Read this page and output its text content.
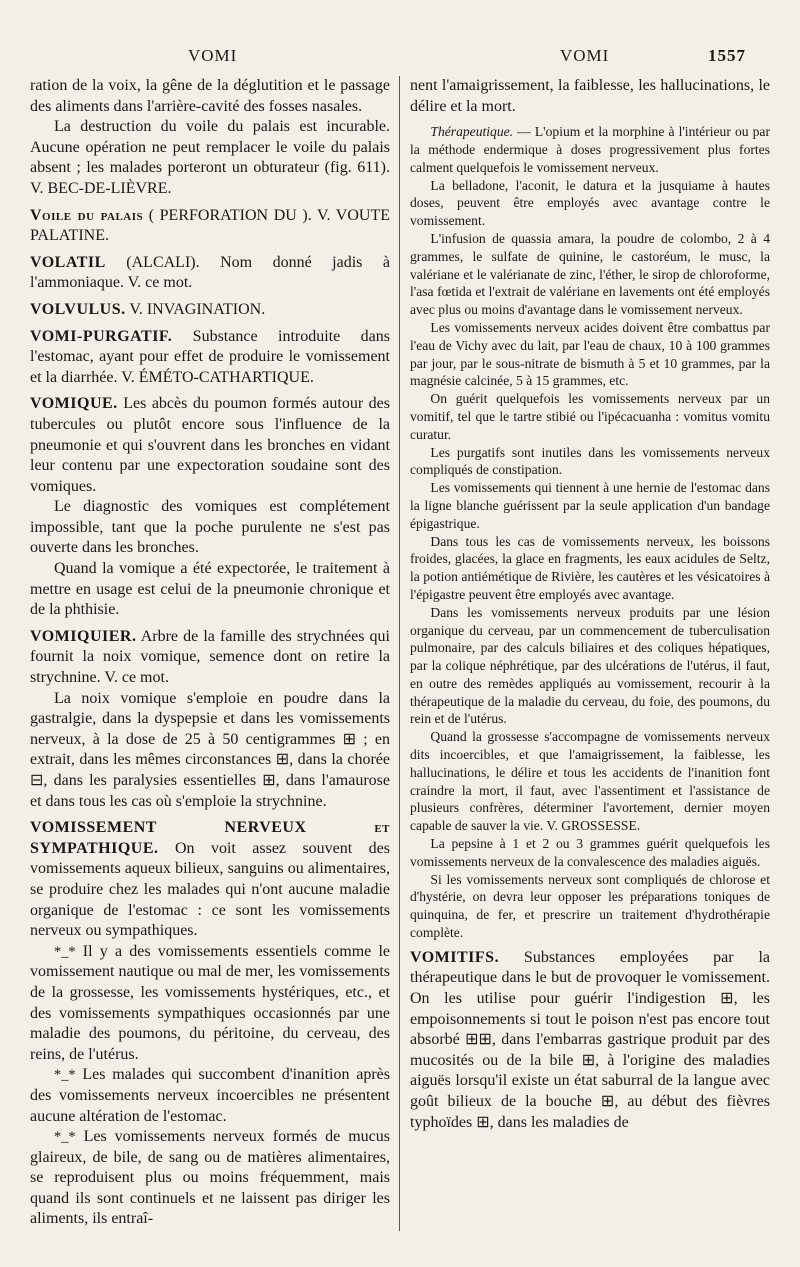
VOMI	VOMI	1557

ration de la voix, la gêne de la déglutition et le passage des aliments dans l'arrière-cavité des fosses nasales.

La destruction du voile du palais est incurable. Aucune opération ne peut remplacer le voile du palais absent ; les malades porteront un obturateur (fig. 611). V. BEC-DE-LIÈVRE.

Voile du palais ( PERFORATION DU ). V. VOUTE PALATINE.

VOLATIL (ALCALI). Nom donné jadis à l'ammoniaque. V. ce mot.

VOLVULUS. V. INVAGINATION.

VOMI-PURGATIF. Substance introduite dans l'estomac, ayant pour effet de produire le vomissement et la diarrhée. V. ÉMÉTO-CATHARTIQUE.

VOMIQUE. Les abcès du poumon formés autour des tubercules ou plutôt encore sous l'influence de la pneumonie et qui s'ouvrent dans les bronches en vidant leur contenu par une expectoration soudaine sont des vomiques.

Le diagnostic des vomiques est complétement impossible, tant que la poche purulente ne s'est pas ouverte dans les bronches.

Quand la vomique a été expectorée, le traitement à mettre en usage est celui de la pneumonie chronique et de la phthisie.

VOMIQUIER. Arbre de la famille des strychnées qui fournit la noix vomique, semence dont on retire la strychnine. V. ce mot.

La noix vomique s'emploie en poudre dans la gastralgie, dans la dyspepsie et dans les vomissements nerveux, à la dose de 25 à 50 centigrammes ⊞ ; en extrait, dans les mêmes circonstances ⊞, dans la chorée ⊟, dans les paralysies essentielles ⊞, dans l'amaurose et dans tous les cas où s'emploie la strychnine.

VOMISSEMENT NERVEUX et SYMPATHIQUE. On voit assez souvent des vomissements aqueux bilieux, sanguins ou alimentaires, se produire chez les malades qui n'ont aucune maladie organique de l'estomac : ce sont les vomissements nerveux ou sympathiques.

*_* Il y a des vomissements essentiels comme le vomissement nautique ou mal de mer, les vomissements de la grossesse, les vomissements hystériques, etc., et des vomissements sympathiques occasionnés par une maladie des poumons, du péritoine, du cerveau, des reins, de l'utérus.

*_* Les malades qui succombent d'inanition après des vomissements nerveux incoercibles ne présentent aucune altération de l'estomac.

*_* Les vomissements nerveux formés de mucus glaireux, de bile, de sang ou de matières alimentaires, se reproduisent plus ou moins fréquemment, mais quand ils sont continuels et ne laissent pas diriger les aliments, ils entraî-

nent l'amaigrissement, la faiblesse, les hallucinations, le délire et la mort.

Thérapeutique. — L'opium et la morphine à l'intérieur ou par la méthode endermique à doses progressivement plus fortes calment quelquefois le vomissement nerveux.

La belladone, l'aconit, le datura et la jusquiame à hautes doses, peuvent être employés avec avantage contre le vomissement.

L'infusion de quassia amara, la poudre de colombo, 2 à 4 grammes, le sulfate de quinine, le castoréum, le musc, la valériane et le valérianate de zinc, l'éther, le sirop de chloroforme, l'asa fœtida et l'extrait de valériane en lavements ont été employés avec plus ou moins d'avantage dans le vomissement nerveux.

Les vomissements nerveux acides doivent être combattus par l'eau de Vichy avec du lait, par l'eau de chaux, 10 à 100 grammes par jour, par le sous-nitrate de bismuth à 5 et 10 grammes, par la magnésie calcinée, 5 à 15 grammes, etc.

On guérit quelquefois les vomissements nerveux par un vomitif, tel que le tartre stibié ou l'ipécacuanha : vomitus vomitu curatur.

Les purgatifs sont inutiles dans les vomissements nerveux compliqués de constipation.

Les vomissements qui tiennent à une hernie de l'estomac dans la ligne blanche guérissent par la seule application d'un bandage épigastrique.

Dans tous les cas de vomissements nerveux, les boissons froides, glacées, la glace en fragments, les eaux acidules de Seltz, la potion antiémétique de Rivière, les cautères et les vésicatoires à l'épigastre peuvent être employés avec avantage.

Dans les vomissements nerveux produits par une lésion organique du cerveau, par un commencement de tuberculisation pulmonaire, par des calculs biliaires et des coliques hépatiques, par la colique néphrétique, par des ulcérations de l'utérus, il faut, en outre des remèdes appliqués au vomissement, recourir à la thérapeutique de la maladie du cerveau, du foie, des poumons, du rein et de l'utérus.

Quand la grossesse s'accompagne de vomissements nerveux dits incoercibles, et que l'amaigrissement, la faiblesse, les hallucinations, le délire et tous les accidents de l'inanition font craindre la mort, il faut, avec l'assentiment et l'assistance de plusieurs confrères, déterminer l'avortement, dernier moyen capable de sauver la vie. V. GROSSESSE.

La pepsine à 1 et 2 ou 3 grammes guérit quelquefois les vomissements nerveux de la convalescence des maladies aiguës.

Si les vomissements nerveux sont compliqués de chlorose et d'hystérie, on devra leur opposer les préparations toniques de quinquina, de fer, et prescrire un traitement d'hydrothérapie complète.

VOMITIFS. Substances employées par la thérapeutique dans le but de provoquer le vomissement. On les utilise pour guérir l'indigestion ⊞, les empoisonnements si tout le poison n'est pas encore tout absorbé ⊞⊞, dans l'embarras gastrique produit par des mucosités ou de la bile ⊞, à l'origine des maladies aiguës lorsqu'il existe un état saburral de la langue avec goût bilieux de la bouche ⊞, au début des fièvres typhoïdes ⊞, dans les maladies de
